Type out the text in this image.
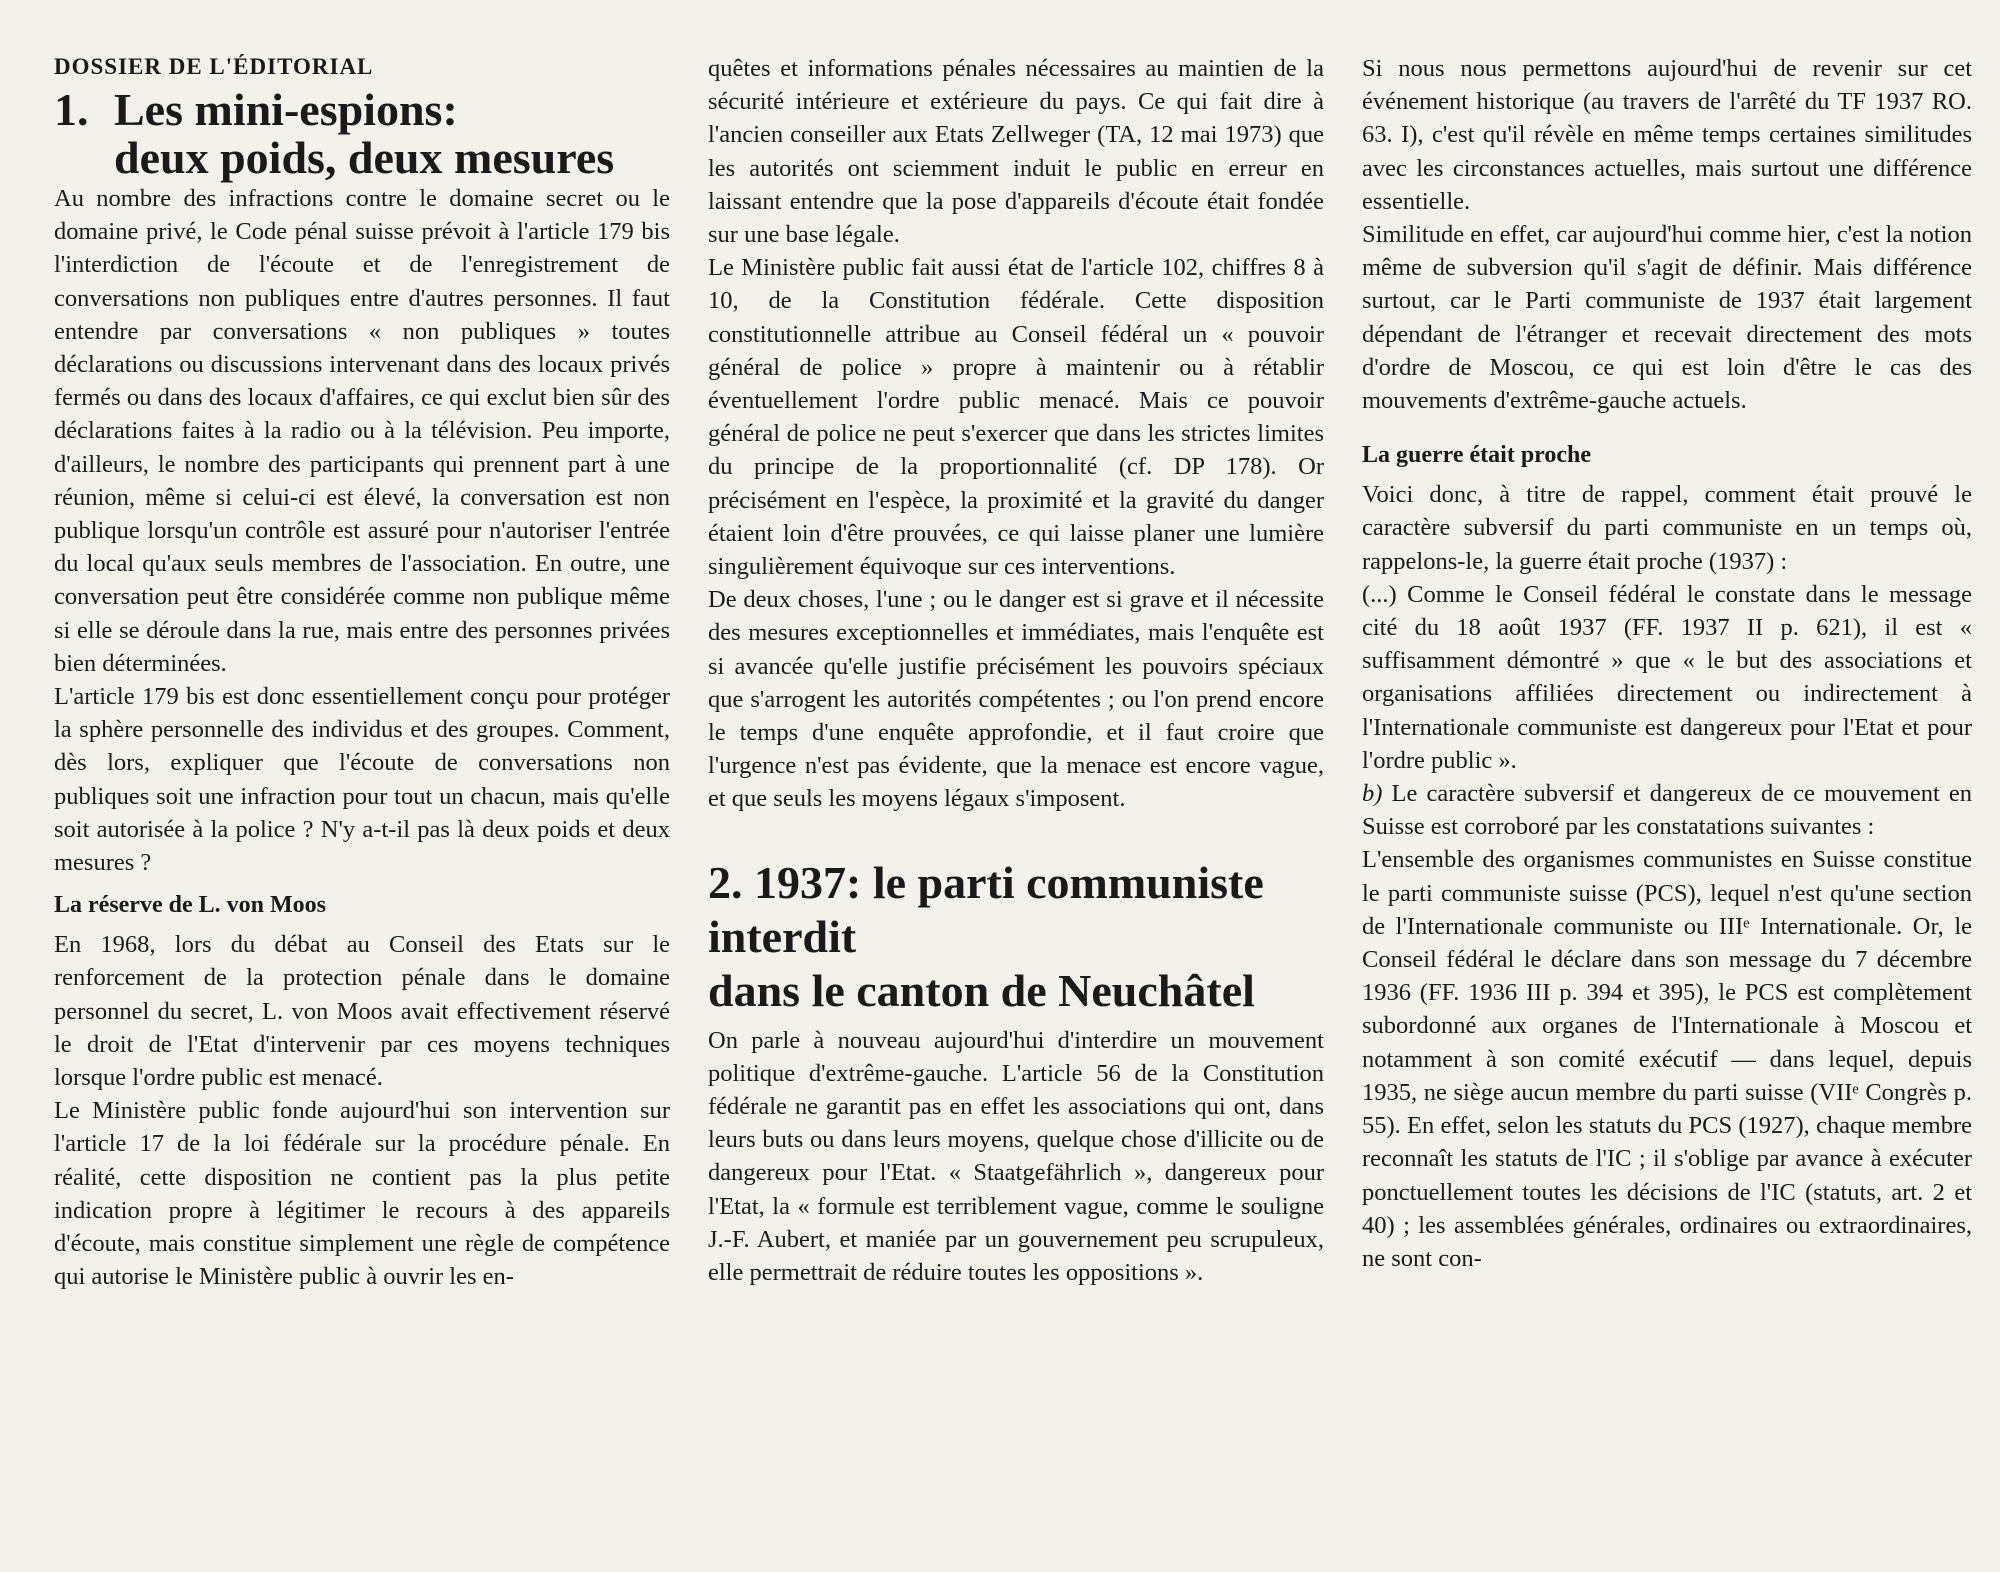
DOSSIER DE L'ÉDITORIAL
1. Les mini-espions:
deux poids, deux mesures

Au nombre des infractions contre le domaine secret ou le domaine privé, le Code pénal suisse prévoit à l'article 179 bis l'interdiction de l'écoute et de l'enregistrement de conversations non publiques entre d'autres personnes. Il faut entendre par conversations « non publiques » toutes déclarations ou discussions intervenant dans des locaux privés fermés ou dans des locaux d'affaires, ce qui exclut bien sûr des déclarations faites à la radio ou à la télévision. Peu importe, d'ailleurs, le nombre des participants qui prennent part à une réunion, même si celui-ci est élevé, la conversation est non publique lorsqu'un contrôle est assuré pour n'autoriser l'entrée du local qu'aux seuls membres de l'association. En outre, une conversation peut être considérée comme non publique même si elle se déroule dans la rue, mais entre des personnes privées bien déterminées.

L'article 179 bis est donc essentiellement conçu pour protéger la sphère personnelle des individus et des groupes. Comment, dès lors, expliquer que l'écoute de conversations non publiques soit une infraction pour tout un chacun, mais qu'elle soit autorisée à la police ? N'y a-t-il pas là deux poids et deux mesures ?

La réserve de L. von Moos

En 1968, lors du débat au Conseil des Etats sur le renforcement de la protection pénale dans le domaine personnel du secret, L. von Moos avait effectivement réservé le droit de l'Etat d'intervenir par ces moyens techniques lorsque l'ordre public est menacé.

Le Ministère public fonde aujourd'hui son intervention sur l'article 17 de la loi fédérale sur la procédure pénale. En réalité, cette disposition ne contient pas la plus petite indication propre à légitimer le recours à des appareils d'écoute, mais constitue simplement une règle de compétence qui autorise le Ministère public à ouvrir les en-

quêtes et informations pénales nécessaires au maintien de la sécurité intérieure et extérieure du pays. Ce qui fait dire à l'ancien conseiller aux Etats Zellweger (TA, 12 mai 1973) que les autorités ont sciemment induit le public en erreur en laissant entendre que la pose d'appareils d'écoute était fondée sur une base légale.

Le Ministère public fait aussi état de l'article 102, chiffres 8 à 10, de la Constitution fédérale. Cette disposition constitutionnelle attribue au Conseil fédéral un « pouvoir général de police » propre à maintenir ou à rétablir éventuellement l'ordre public menacé. Mais ce pouvoir général de police ne peut s'exercer que dans les strictes limites du principe de la proportionnalité (cf. DP 178). Or précisément en l'espèce, la proximité et la gravité du danger étaient loin d'être prouvées, ce qui laisse planer une lumière singulièrement équivoque sur ces interventions.

De deux choses, l'une ; ou le danger est si grave et il nécessite des mesures exceptionnelles et immédiates, mais l'enquête est si avancée qu'elle justifie précisément les pouvoirs spéciaux que s'arrogent les autorités compétentes ; ou l'on prend encore le temps d'une enquête approfondie, et il faut croire que l'urgence n'est pas évidente, que la menace est encore vague, et que seuls les moyens légaux s'imposent.

2. 1937: le parti communiste
interdit
dans le canton de Neuchâtel

On parle à nouveau aujourd'hui d'interdire un mouvement politique d'extrême-gauche. L'article 56 de la Constitution fédérale ne garantit pas en effet les associations qui ont, dans leurs buts ou dans leurs moyens, quelque chose d'illicite ou de dangereux pour l'Etat. « Staatgefährlich », dangereux pour l'Etat, la « formule est terriblement vague, comme le souligne J.-F. Aubert, et maniée par un gouvernement peu scrupuleux, elle permettrait de réduire toutes les oppositions ».

Si nous nous permettons aujourd'hui de revenir sur cet événement historique (au travers de l'arrêté du TF 1937 RO. 63. I), c'est qu'il révèle en même temps certaines similitudes avec les circonstances actuelles, mais surtout une différence essentielle.

Similitude en effet, car aujourd'hui comme hier, c'est la notion même de subversion qu'il s'agit de définir. Mais différence surtout, car le Parti communiste de 1937 était largement dépendant de l'étranger et recevait directement des mots d'ordre de Moscou, ce qui est loin d'être le cas des mouvements d'extrême-gauche actuels.

La guerre était proche

Voici donc, à titre de rappel, comment était prouvé le caractère subversif du parti communiste en un temps où, rappelons-le, la guerre était proche (1937) :

(...) Comme le Conseil fédéral le constate dans le message cité du 18 août 1937 (FF. 1937 II p. 621), il est « suffisamment démontré » que « le but des associations et organisations affiliées directement ou indirectement à l'Internationale communiste est dangereux pour l'Etat et pour l'ordre public ».

b) Le caractère subversif et dangereux de ce mouvement en Suisse est corroboré par les constatations suivantes :

L'ensemble des organismes communistes en Suisse constitue le parti communiste suisse (PCS), lequel n'est qu'une section de l'Internationale communiste ou IIIᵉ Internationale. Or, le Conseil fédéral le déclare dans son message du 7 décembre 1936 (FF. 1936 III p. 394 et 395), le PCS est complètement subordonné aux organes de l'Internationale à Moscou et notamment à son comité exécutif — dans lequel, depuis 1935, ne siège aucun membre du parti suisse (VIIᵉ Congrès p. 55). En effet, selon les statuts du PCS (1927), chaque membre reconnaît les statuts de l'IC ; il s'oblige par avance à exécuter ponctuellement toutes les décisions de l'IC (statuts, art. 2 et 40) ; les assemblées générales, ordinaires ou extraordinaires, ne sont con-
